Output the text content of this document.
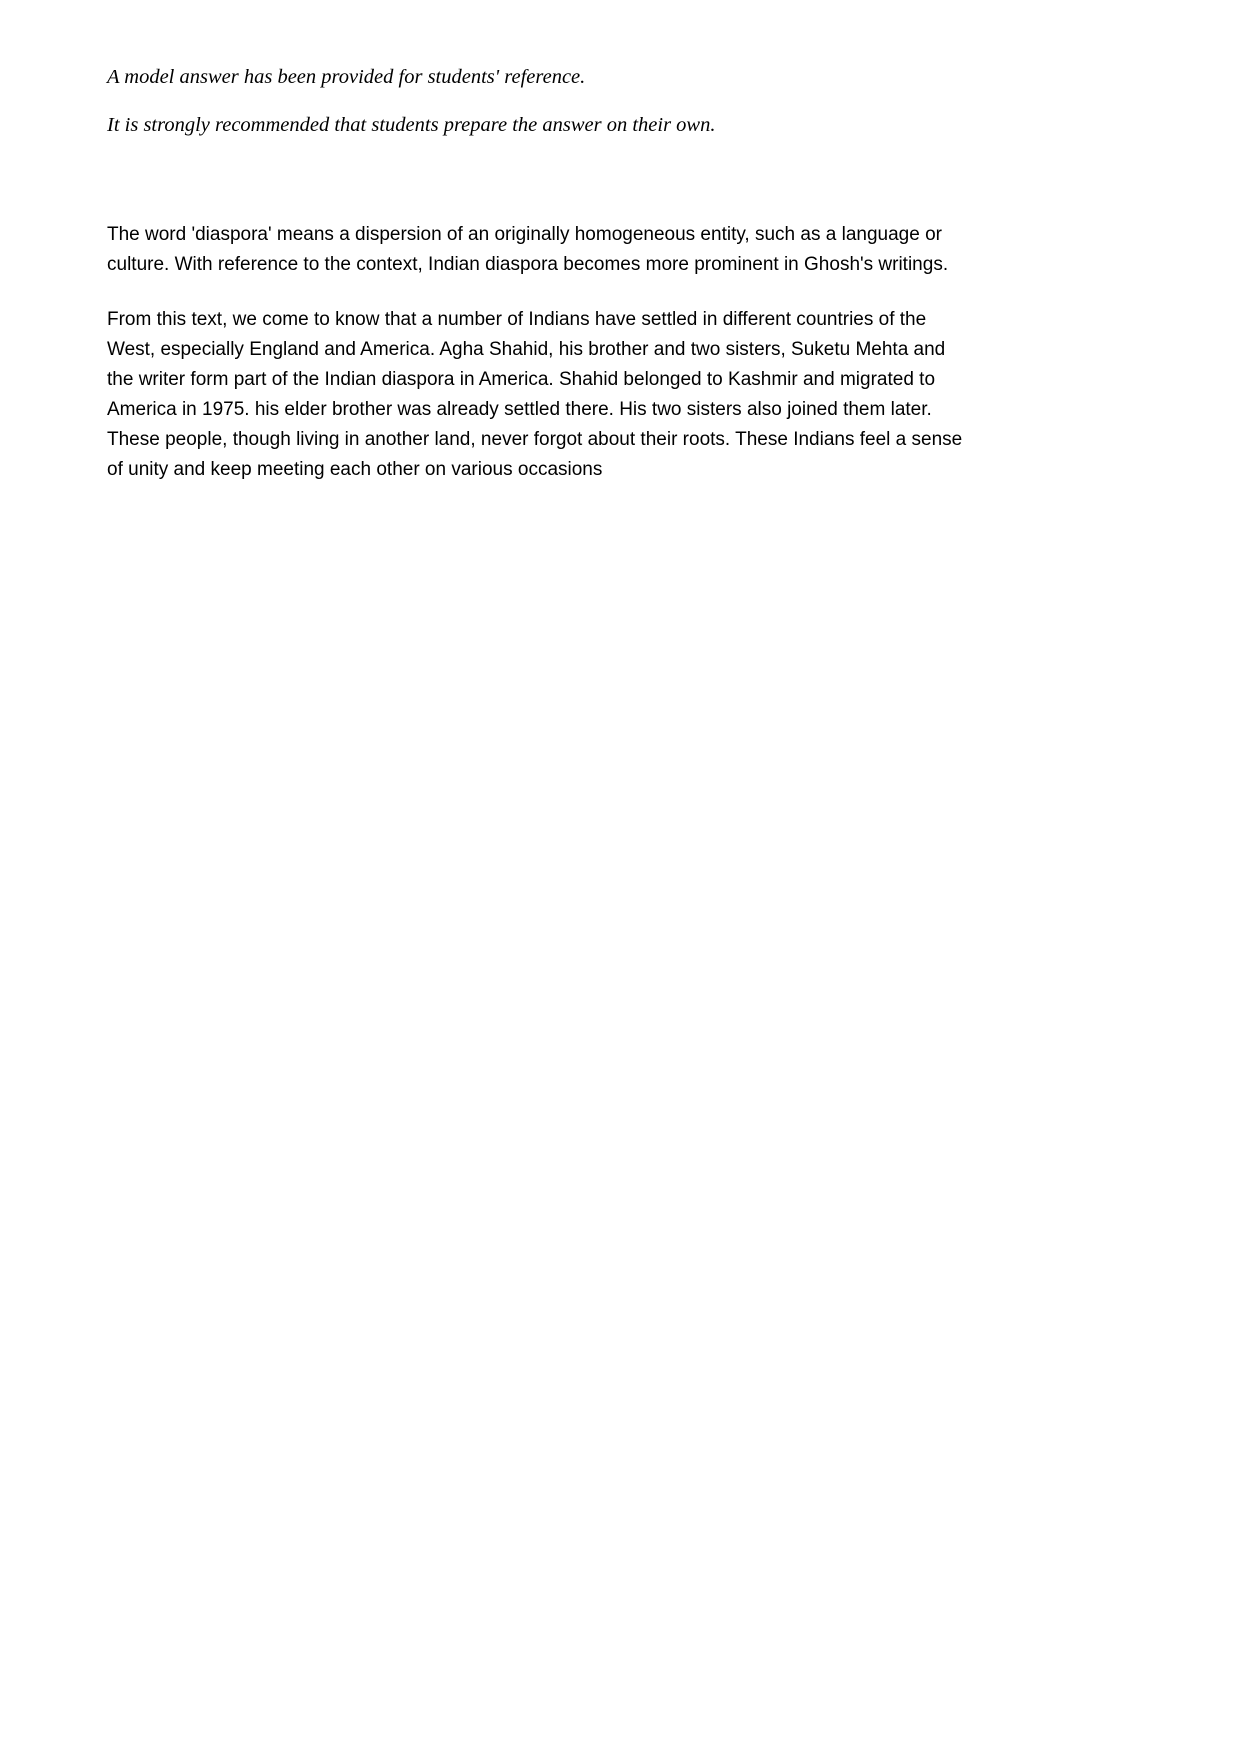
A model answer has been provided for students' reference.

It is strongly recommended that students prepare the answer on their own.

The word 'diaspora' means a dispersion of an originally homogeneous entity, such as a language or
culture. With reference to the context, Indian diaspora becomes more prominent in Ghosh's writings.
From this text, we come to know that a number of Indians have settled in different countries of the
West, especially England and America. Agha Shahid, his brother and two sisters, Suketu Mehta and
the writer form part of the Indian diaspora in America. Shahid belonged to Kashmir and migrated to
America in 1975. his elder brother was already settled there. His two sisters also joined them later.
These people, though living in another land, never forgot about their roots. These Indians feel a sense
of unity and keep meeting each other on various occasions
